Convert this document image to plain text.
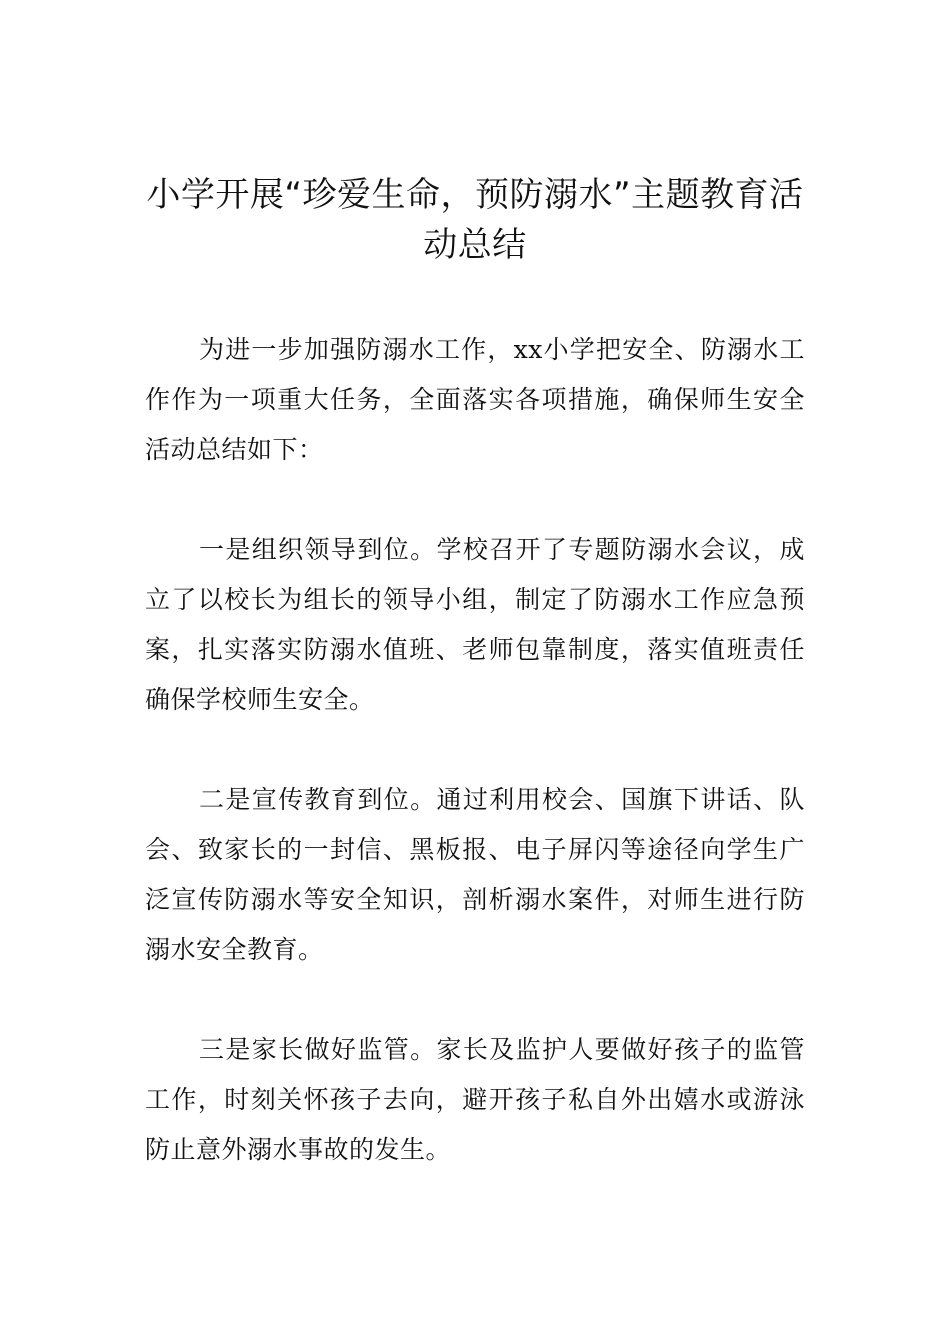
小学开展“珍爱生命，预防溺水”主题教育活动总结

为进一步加强防溺水工作，xx小学把安全、防溺水工作作为一项重大任务，全面落实各项措施，确保师生安全活动总结如下：

一是组织领导到位。学校召开了专题防溺水会议，成立了以校长为组长的领导小组，制定了防溺水工作应急预案，扎实落实防溺水值班、老师包靠制度，落实值班责任确保学校师生安全。

二是宣传教育到位。通过利用校会、国旗下讲话、队会、致家长的一封信、黑板报、电子屏闪等途径向学生广泛宣传防溺水等安全知识，剖析溺水案件，对师生进行防溺水安全教育。

三是家长做好监管。家长及监护人要做好孩子的监管工作，时刻关怀孩子去向，避开孩子私自外出嬉水或游泳防止意外溺水事故的发生。
